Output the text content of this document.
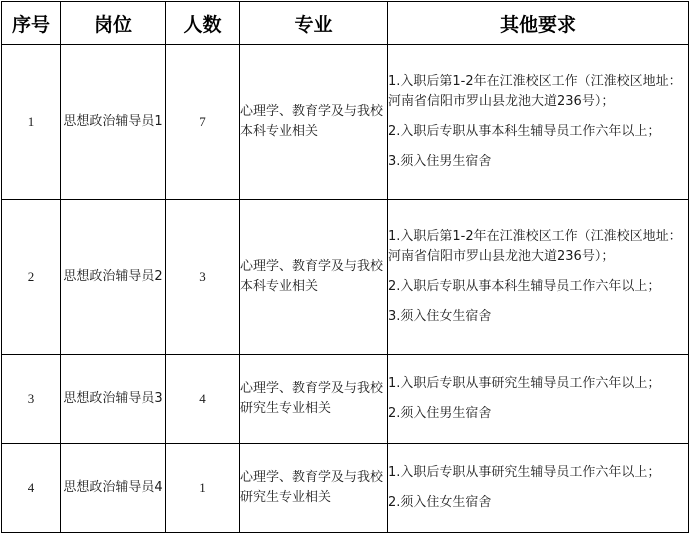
序号	岗位	人数	专业	其他要求
1	思想政治辅导员1	7	心理学、教育学及与我校本科专业相关	1.入职后第1-2年在江淮校区工作（江淮校区地址：河南省信阳市罗山县龙池大道236号）；

2.入职后专职从事本科生辅导员工作六年以上；

3.须入住男生宿舍

2	思想政治辅导员2	3	心理学、教育学及与我校本科专业相关	1.入职后第1-2年在江淮校区工作（江淮校区地址：河南省信阳市罗山县龙池大道236号）；

2.入职后专职从事本科生辅导员工作六年以上；

3.须入住女生宿舍

3	思想政治辅导员3	4	心理学、教育学及与我校研究生专业相关	1.入职后专职从事研究生辅导员工作六年以上；

2.须入住男生宿舍

4	思想政治辅导员4	1	心理学、教育学及与我校研究生专业相关	1.入职后专职从事研究生辅导员工作六年以上；

2.须入住女生宿舍
